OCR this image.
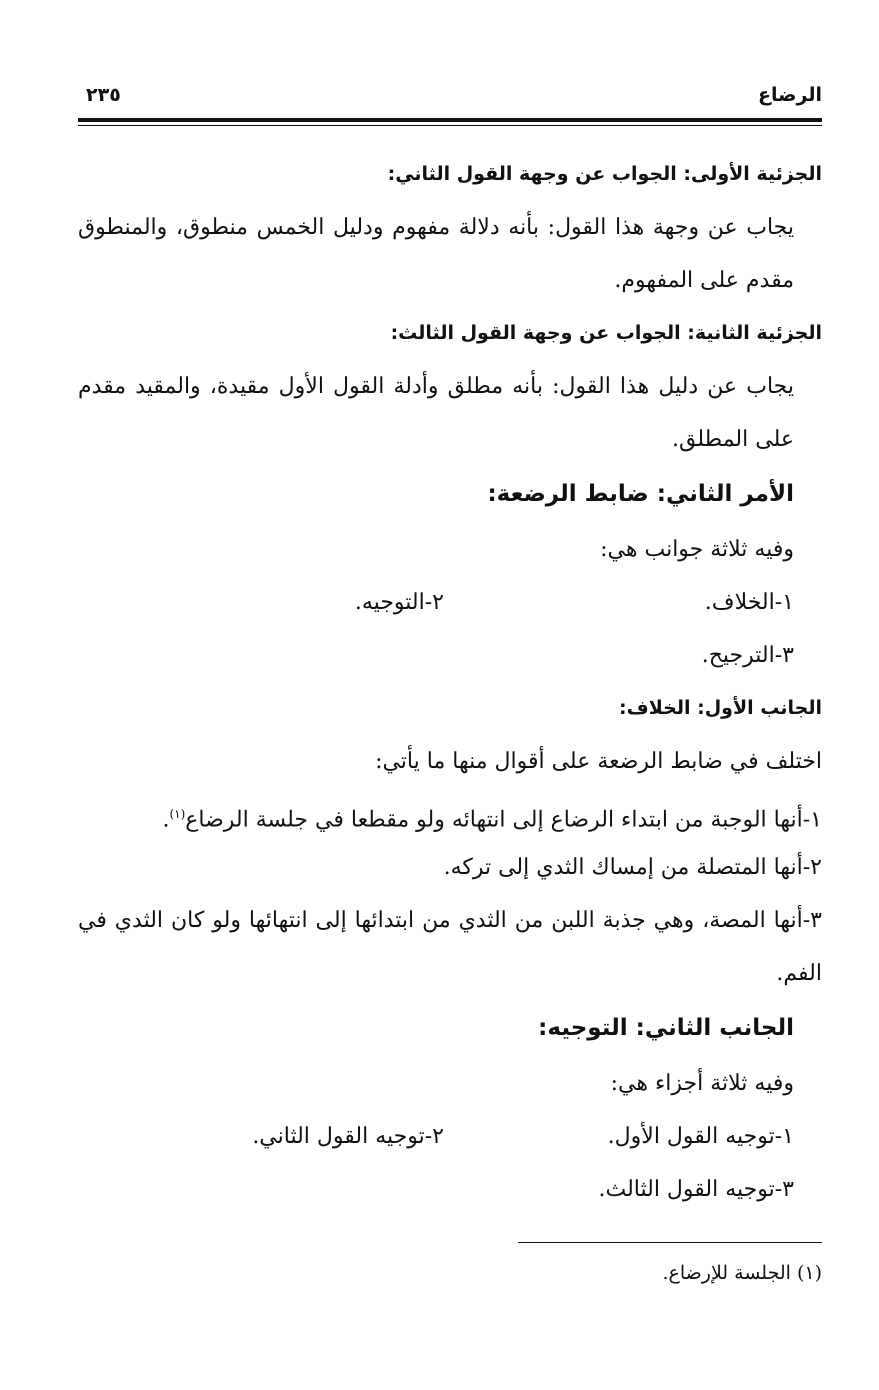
الرضاع
٢٣٥
الجزئية الأولى: الجواب عن وجهة القول الثاني:
يجاب عن وجهة هذا القول: بأنه دلالة مفهوم ودليل الخمس منطوق، والمنطوق مقدم على المفهوم.
الجزئية الثانية: الجواب عن وجهة القول الثالث:
يجاب عن دليل هذا القول: بأنه مطلق وأدلة القول الأول مقيدة، والمقيد مقدم على المطلق.
الأمر الثاني: ضابط الرضعة:
وفيه ثلاثة جوانب هي:
١-الخلاف.
٢-التوجيه.
٣-الترجيح.
الجانب الأول: الخلاف:
اختلف في ضابط الرضعة على أقوال منها ما يأتي:
١-أنها الوجبة من ابتداء الرضاع إلى انتهائه ولو مقطعا في جلسة الرضاع$^{(١)}$.
٢-أنها المتصلة من إمساك الثدي إلى تركه.
٣-أنها المصة، وهي جذبة اللبن من الثدي من ابتدائها إلى انتهائها ولو كان الثدي في الفم.
الجانب الثاني: التوجيه:
وفيه ثلاثة أجزاء هي:
١-توجيه القول الأول.
٢-توجيه القول الثاني.
٣-توجيه القول الثالث.
(١) الجلسة للإرضاع.
